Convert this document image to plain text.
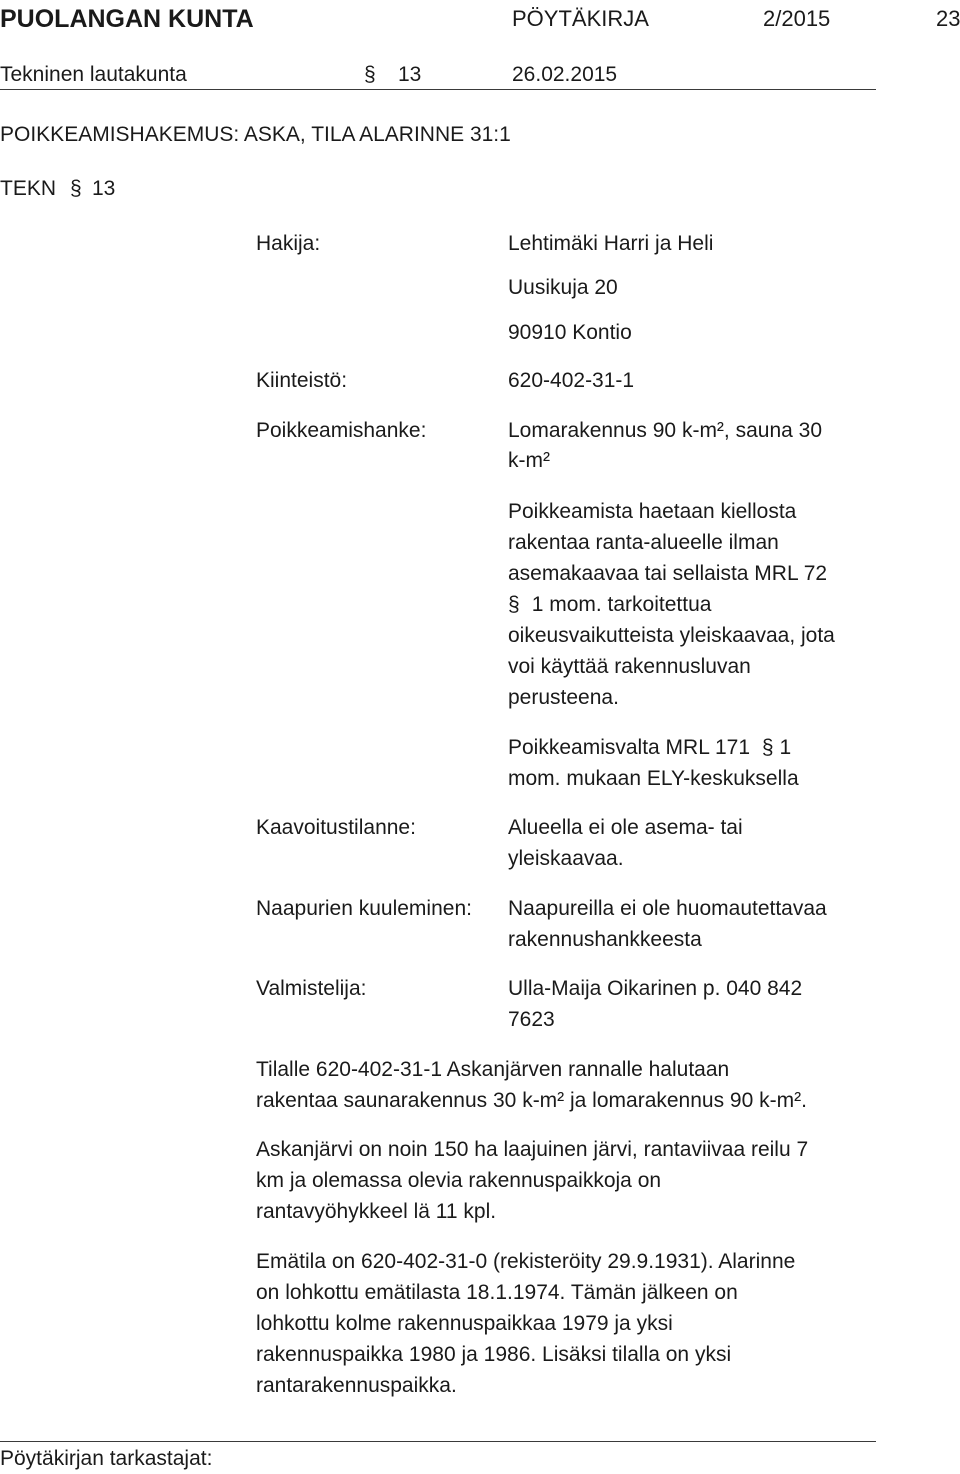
PUOLANGAN KUNTA	PÖYTÄKIRJA	2/2015	23
Tekninen lautakunta	§ 13	26.02.2015
POIKKEAMISHAKEMUS: ASKA, TILA ALARINNE 31:1
TEKN § 13
Hakija:	Lehtimäki Harri ja Heli
Uusikuja 20
90910 Kontio
Kiinteistö:	620-402-31-1
Poikkeamishanke:	Lomarakennus 90 k-m², sauna 30
k-m²
Poikkeamista haetaan kiellosta
rakentaa ranta-alueelle ilman
asemakaavaa tai sellaista MRL 72
§ 1 mom. tarkoitettua
oikeusvaikutteista yleiskaavaa, jota
voi käyttää rakennusluvan
perusteena.
Poikkeamisvalta MRL 171 § 1
mom. mukaan ELY-keskuksella
Kaavoitustilanne:	Alueella ei ole asema- tai
yleiskaavaa.
Naapurien kuuleminen: Naapureilla ei ole huomautettavaa
rakennushankkeesta
Valmistelija:	Ulla-Maija Oikarinen p. 040 842
7623
Tilalle 620-402-31-1 Askanjärven rannalle halutaan
rakentaa saunarakennus 30 k-m² ja lomarakennus 90 k-m².
Askanjärvi on noin 150 ha laajuinen järvi, rantaviivaa reilu 7
km ja olemassa olevia rakennuspaikkoja on
rantavyöhykkeel lä 11 kpl.
Emätila on 620-402-31-0 (rekisteröity 29.9.1931). Alarinne
on lohkottu emätilasta 18.1.1974. Tämän jälkeen on
lohkottu kolme rakennuspaikkaa 1979 ja yksi
rakennuspaikka 1980 ja 1986. Lisäksi tilalla on yksi
rantarakennuspaikka.
Pöytäkirjan tarkastajat:
